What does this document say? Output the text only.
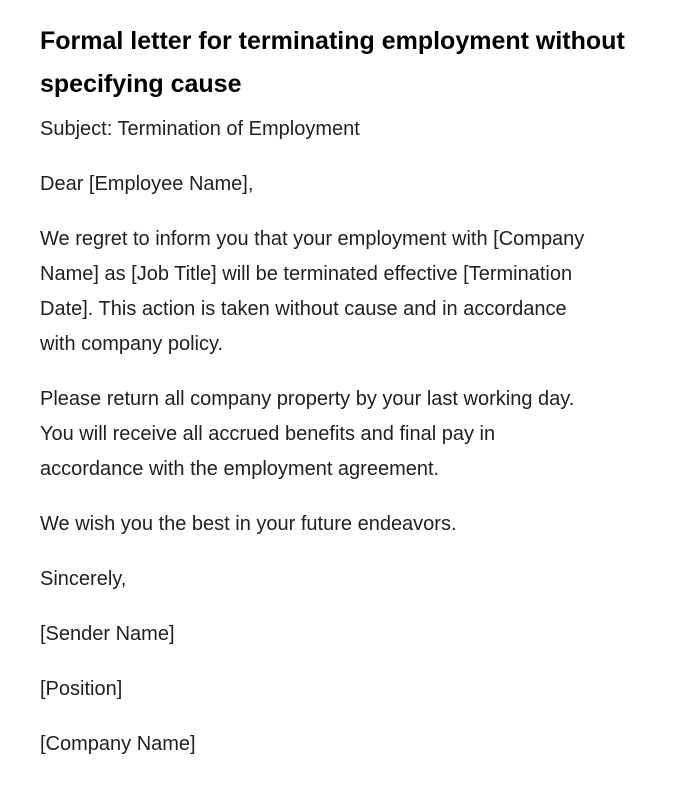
Formal letter for terminating employment without specifying cause

Subject: Termination of Employment

Dear [Employee Name],

We regret to inform you that your employment with [Company Name] as [Job Title] will be terminated effective [Termination Date]. This action is taken without cause and in accordance with company policy.

Please return all company property by your last working day. You will receive all accrued benefits and final pay in accordance with the employment agreement.

We wish you the best in your future endeavors.

Sincerely,

[Sender Name]

[Position]

[Company Name]
